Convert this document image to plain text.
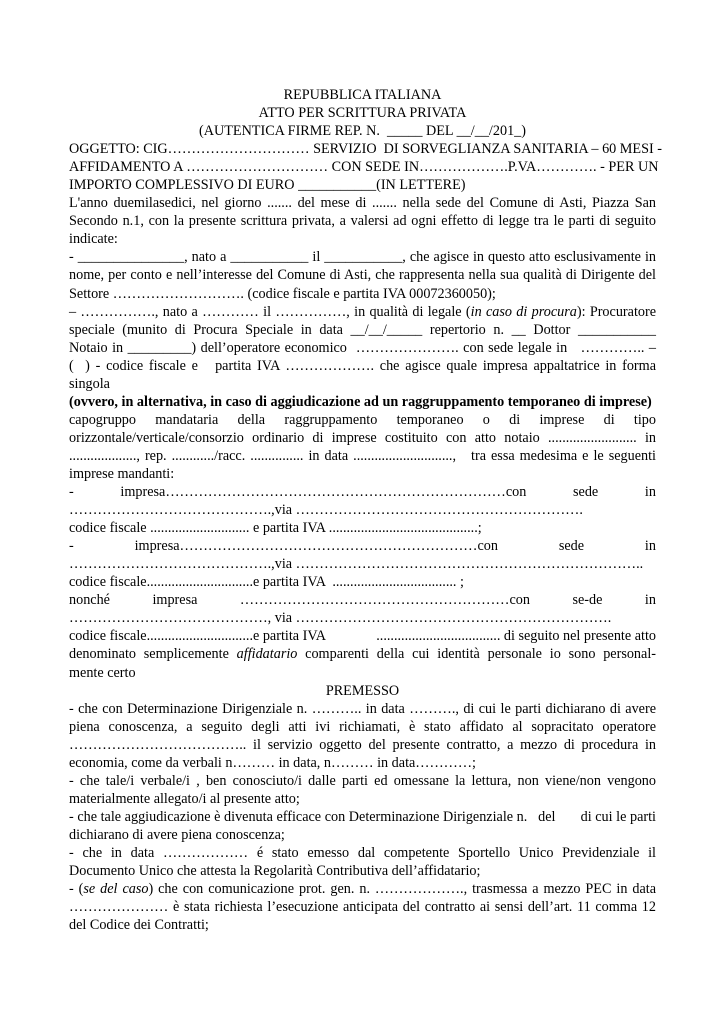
REPUBBLICA ITALIANA

ATTO PER SCRITTURA PRIVATA

(AUTENTICA FIRME REP. N.  _____ DEL __/__/201_)

OGGETTO: CIG………………………… SERVIZIO  DI SORVEGLIANZA SANITARIA – 60 MESI -

AFFIDAMENTO A ………………………… CON SEDE IN……………….P.VA…………. - PER UN

IMPORTO COMPLESSIVO DI EURO ___________(IN LETTERE)

L'anno duemilasedici, nel giorno ....... del mese di ....... nella sede del Comune di Asti, Piazza San Secondo n.1, con la presente scrittura privata, a valersi ad ogni effetto di legge tra le parti di seguito indicate:

- _______________, nato a ___________ il ___________, che agisce in questo atto esclusivamente in nome, per conto e nell’interesse del Comune di Asti, che rappresenta nella sua qualità di Dirigente del Settore ………………………. (codice fiscale e partita IVA 00072360050);

– ……………., nato a ………… il ……………, in qualità di legale (in caso di procura): Procuratore

speciale (munito di Procura Speciale in data __/__/_____ repertorio n. __ Dottor ___________

Notaio in _________) dell’operatore economico  …………………. con sede legale in   ………….. –

(  ) - codice fiscale e   partita IVA ………………. che agisce quale impresa appaltatrice in forma

singola

(ovvero, in alternativa, in caso di aggiudicazione ad un raggruppamento temporaneo di imprese)

capogruppo mandataria della raggruppamento temporaneo o di imprese di tipo

orizzontale/verticale/consorzio ordinario di imprese costituito con atto notaio ......................... in

..................., rep. ............/racc. ............... in data ............................,   tra essa medesima e le seguenti

imprese mandanti:

-	impresa………………………………………………………………con	sede	in

…………………………………….,via …………………………………………………….

codice fiscale ............................ e partita IVA ..........................................;

-	impresa………………………………………………………con	sede	in

…………………………………….,via ………………………………………………………………..

codice fiscale..............................e partita IVA  ................................... ;

nonché	impresa	…………………………………………………con	se-de	in

……………………………………, via ………………………………………………………….

codice fiscale..............................e partita IVA	................................... di seguito nel presente atto

denominato semplicemente affidatario comparenti della cui identità personale io sono personal-

mente certo

PREMESSO

- che con Determinazione Dirigenziale n. ……….. in data ………., di cui le parti dichiarano di avere piena conoscenza, a seguito degli atti ivi richiamati, è stato affidato al sopracitato operatore ……………………………….. il servizio oggetto del presente contratto, a mezzo di procedura in economia, come da verbali n……… in data, n……… in data…………;

- che tale/i verbale/i , ben conosciuto/i dalle parti ed omessane la lettura, non viene/non vengono materialmente allegato/i al presente atto;

- che tale aggiudicazione è divenuta efficace con Determinazione Dirigenziale n.   del       di cui le parti dichiarano di avere piena conoscenza;

- che in data ……………… é stato emesso dal competente Sportello Unico Previdenziale il Documento Unico che attesta la Regolarità Contributiva dell’affidatario;

- (se del caso) che con comunicazione prot. gen. n. ………………., trasmessa a mezzo PEC in data ………………… è stata richiesta l’esecuzione anticipata del contratto ai sensi dell’art. 11 comma 12 del Codice dei Contratti;
